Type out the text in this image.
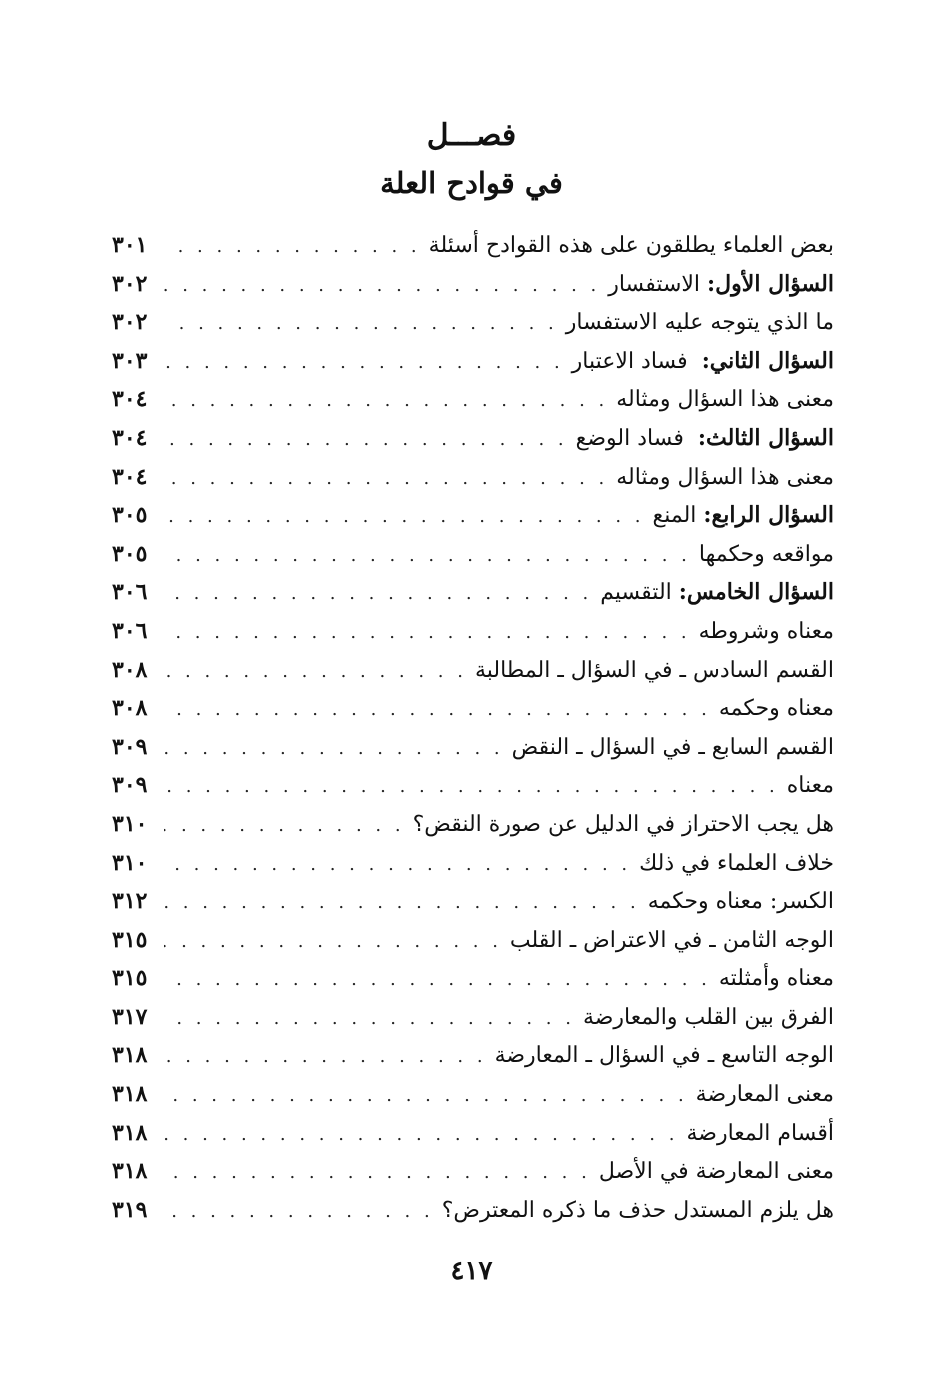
فصـــل
في قوادح العلة
بعض العلماء يطلقون على هذه القوادح أسئلة
. . .
٣٠١
السؤال الأول: الاستفسار
. . .
٣٠٢
ما الذي يتوجه عليه الاستفسار
. . .
٣٠٢
السؤال الثاني:  فساد الاعتبار
. . .
٣٠٣
معنى هذا السؤال ومثاله
. . .
٣٠٤
السؤال الثالث:  فساد الوضع
. . .
٣٠٤
معنى هذا السؤال ومثاله
. . .
٣٠٤
السؤال الرابع: المنع
. . .
٣٠٥
مواقعه وحكمها
. . .
٣٠٥
السؤال الخامس: التقسيم
. . .
٣٠٦
معناه وشروطه
. . .
٣٠٦
القسم السادس ـ في السؤال ـ المطالبة
. . .
٣٠٨
معناه وحكمه
. . .
٣٠٨
القسم السابع ـ في السؤال ـ النقض
. . .
٣٠٩
معناه
. . .
٣٠٩
هل يجب الاحتراز في الدليل عن صورة النقض؟
. . .
٣١٠
خلاف العلماء في ذلك
. . .
٣١٠
الكسر: معناه وحكمه
. . .
٣١٢
الوجه الثامن ـ في الاعتراض ـ القلب
. . .
٣١٥
معناه وأمثلته
. . .
٣١٥
الفرق بين القلب والمعارضة
. . .
٣١٧
الوجه التاسع ـ في السؤال ـ المعارضة
. . .
٣١٨
معنى المعارضة
. . .
٣١٨
أقسام المعارضة
. . .
٣١٨
معنى المعارضة في الأصل
. . .
٣١٨
هل يلزم المستدل حذف ما ذكره المعترض؟
. . .
٣١٩
٤١٧
